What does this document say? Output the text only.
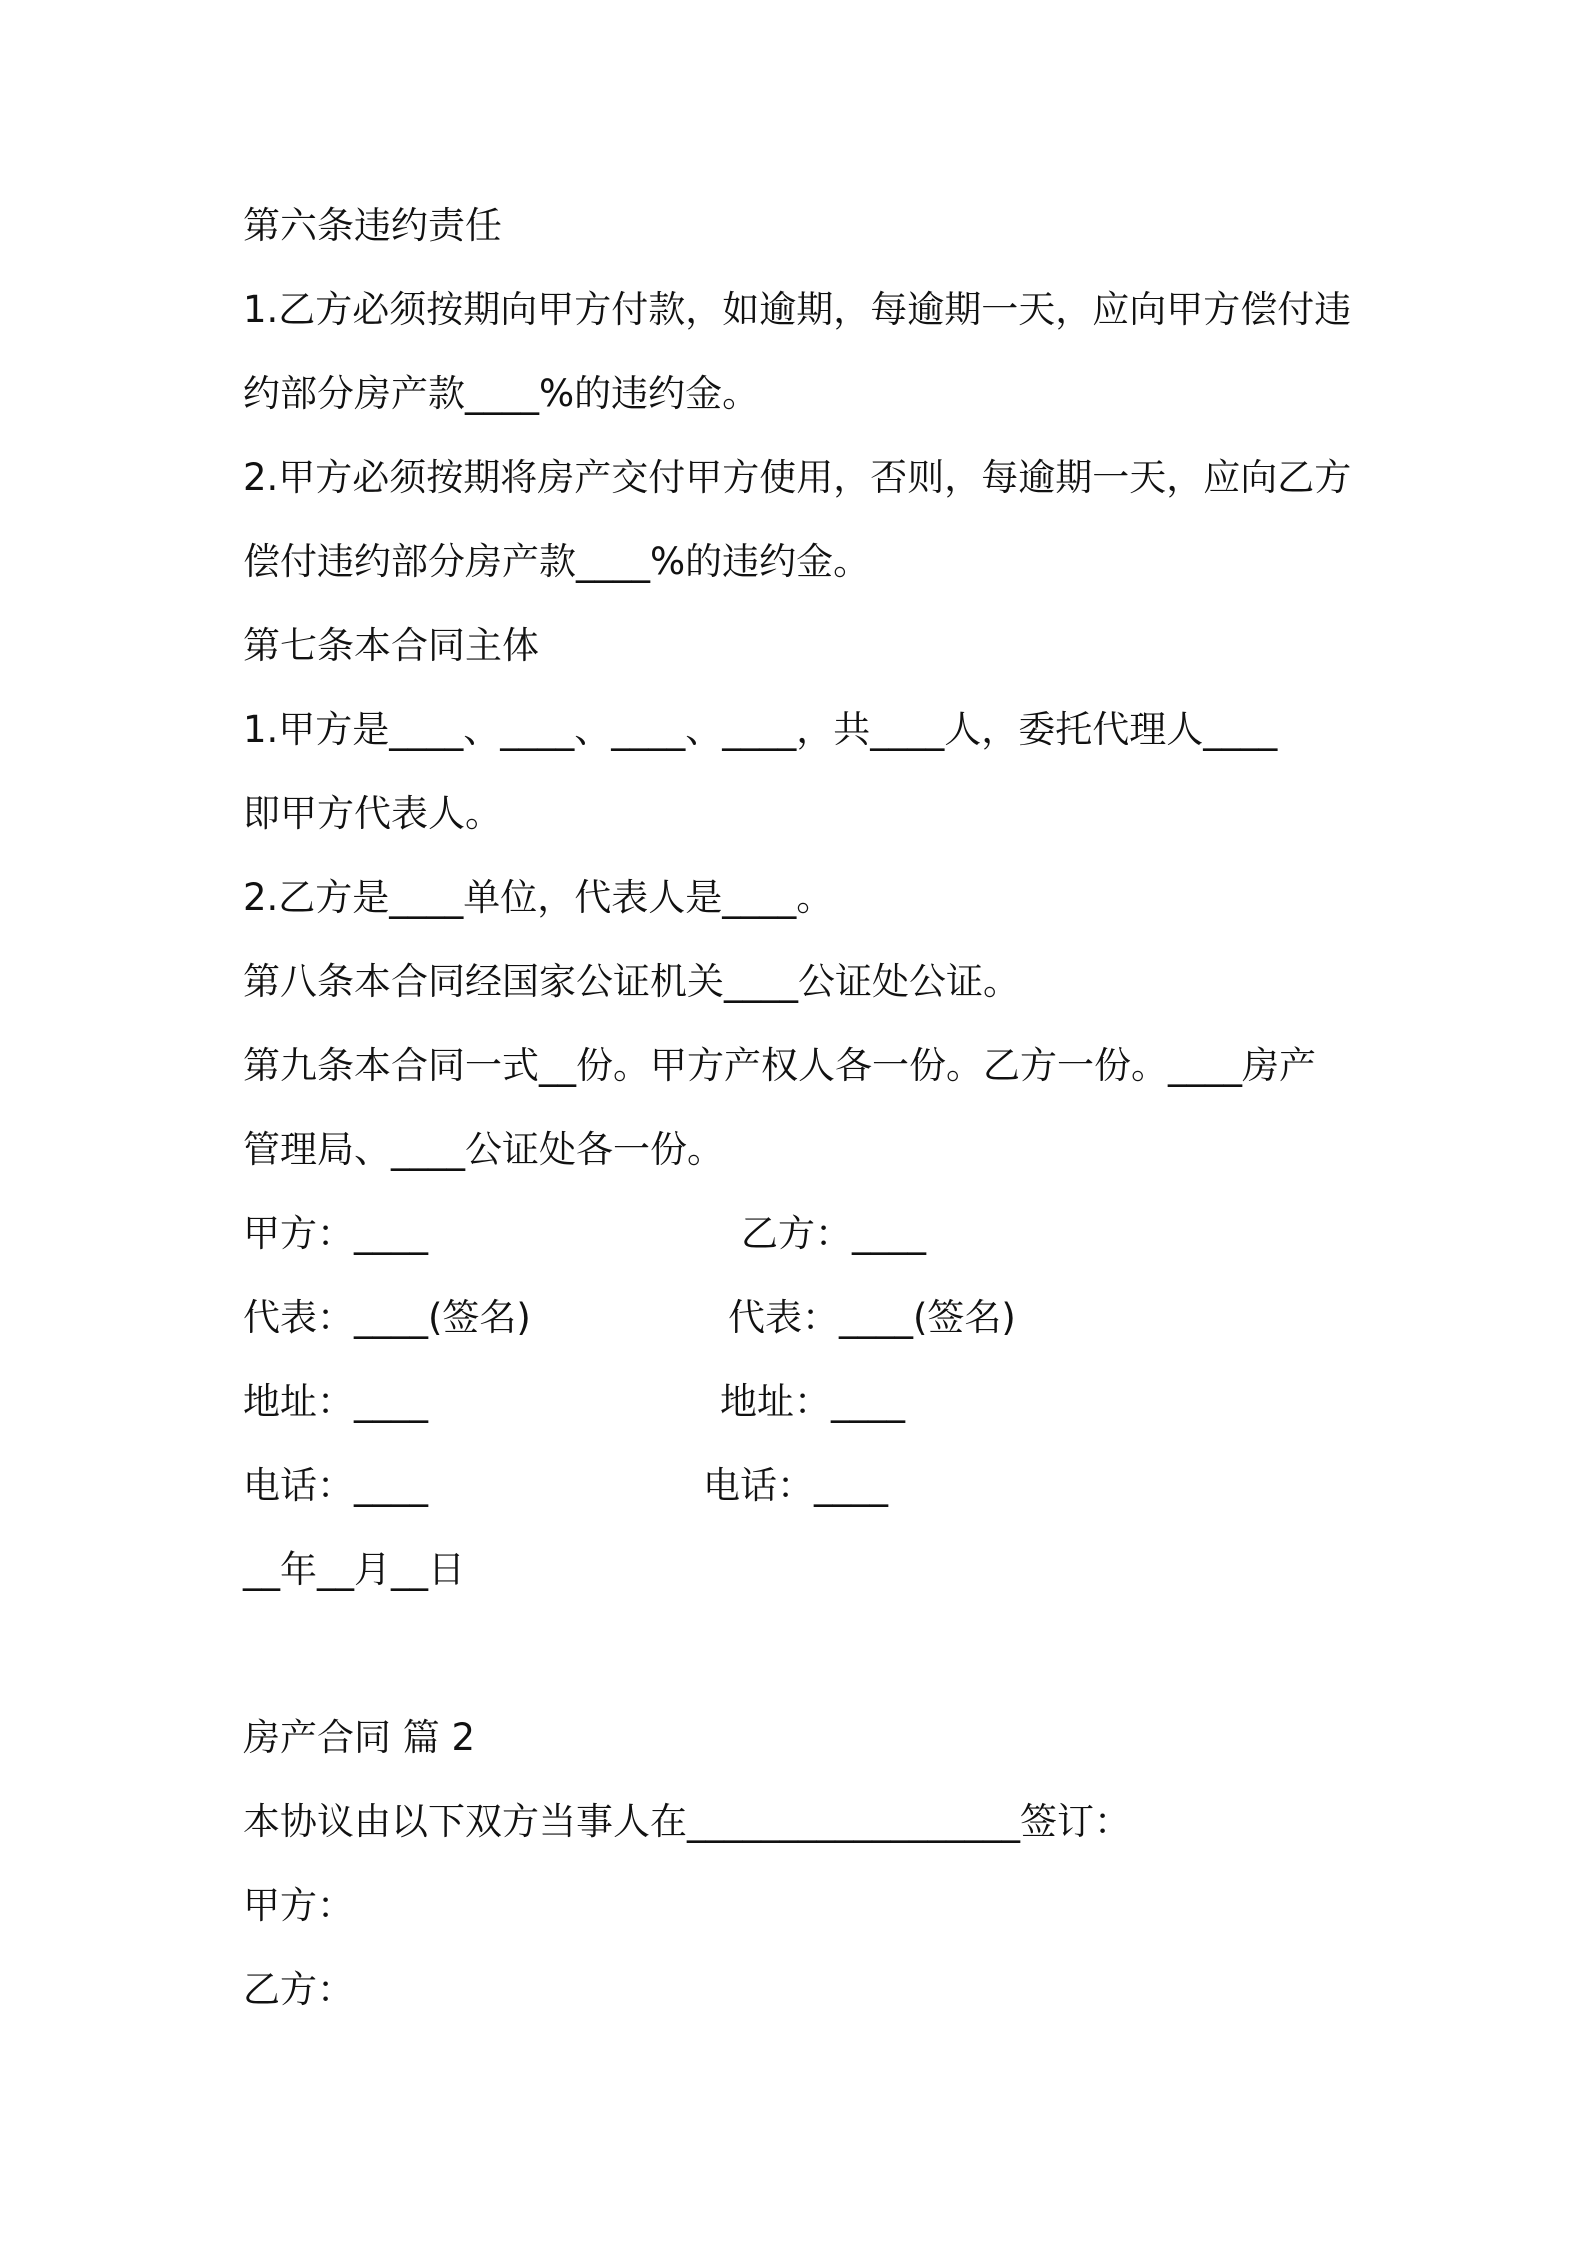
第六条违约责任
1.乙方必须按期向甲方付款，如逾期，每逾期一天，应向甲方偿付违
约部分房产款____%的违约金。
2.甲方必须按期将房产交付甲方使用，否则，每逾期一天，应向乙方
偿付违约部分房产款____%的违约金。
第七条本合同主体
1.甲方是____、____、____、____，共____人，委托代理人____
即甲方代表人。
2.乙方是____单位，代表人是____。
第八条本合同经国家公证机关____公证处公证。
第九条本合同一式__份。甲方产权人各一份。乙方一份。____房产
管理局、____公证处各一份。
甲方：____	乙方：____
代表：____(签名)	代表：____(签名)
地址：____	地址：____
电话：____	电话：____
__年__月__日
房产合同 篇 2
本协议由以下双方当事人在__________________签订：
甲方：
乙方：
